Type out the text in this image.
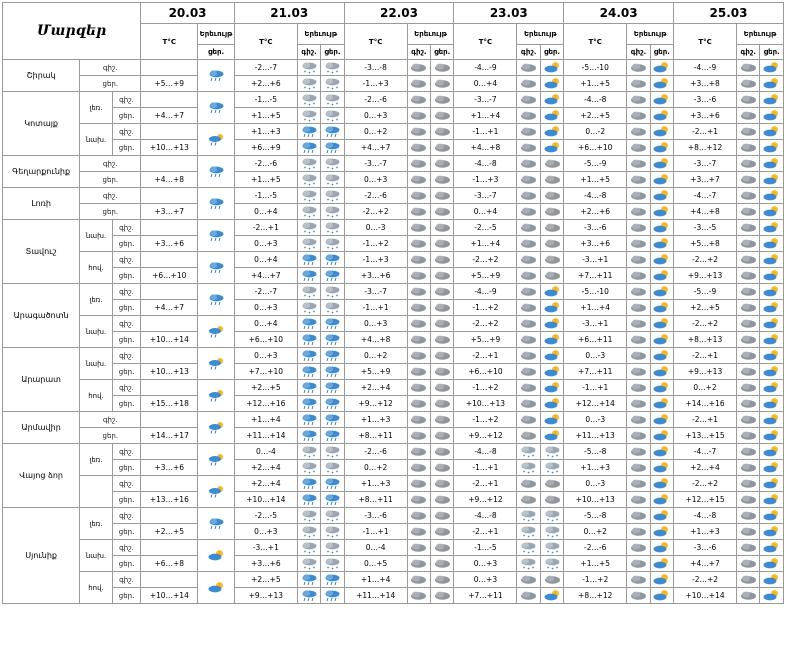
Մարզեր			20.03		21.03			22.03			23.03			24.03			25.03		
			T°C	Երեւույթ	T°C	Երեւույթ		T°C	Երեւույթ		T°C	Երեւույթ		T°C	Երեւույթ		T°C	Երեւույթ	
				ցեր.		գիշ.	ցեր.		գիշ.	ցեր.		գիշ.	ցեր.		գիշ.	ցեր.		գիշ.	ցեր.
Շիրակ	գիշ.				-2…-7			-3…-8			-4…-9			-5…-10			-4…-9	

	ցեր.		+5…+9		+2…+6			-1…+3			0…+4			+1…+5			+3…+8	

Կոտայք	լեռ.	գիշ.			-1…-5			-2…-6			-3…-7			-4…-8			-3…-6	

		ցեր.	+4…+7		+1…+5			0…+3			+1…+4			+2…+5			+3…+6	

	նախ.	գիշ.			+1…+3			0…+2			-1…+1			0…-2			-2…+1	

		ցեր.	+10…+13		+6…+9			+4…+7			+4…+8			+6…+10			+8…+12	

Գեղարքունիք	գիշ.				-2…-6			-3…-7			-4…-8			-5…-9			-3…-7	

	ցեր.		+4…+8		+1…+5			0…+3			-1…+3			+1…+5			+3…+7	

Լոռի	գիշ.				-1…-5			-2…-6			-3…-7			-4…-8			-4…-7	

	ցեր.		+3…+7		0…+4			-2…+2			0…+4			+2…+6			+4…+8	

Տավուշ	նախ.	գիշ.			-2…+1			0…-3			-2…-5			-3…-6			-3…-5	

		ցեր.	+3…+6		0…+3			-1…+2			+1…+4			+3…+6			+5…+8	

	հով.	գիշ.			0…+4			-1…+3			-2…+2			-3…+1			-2…+2	

		ցեր.	+6…+10		+4…+7			+3…+6			+5…+9			+7…+11			+9…+13	

Արագածոտն	լեռ.	գիշ.			-2…-7			-3…-7			-4…-9			-5…-10			-5…-9	

		ցեր.	+4…+7		0…+3			-1…+1			-1…+2			+1…+4			+2…+5	

	նախ.	գիշ.			0…+4			0…+3			-2…+2			-3…+1			-2…+2	

		ցեր.	+10…+14		+6…+10			+4…+8			+5…+9			+6…+11			+8…+13	

Արարատ	նախ.	գիշ.			0…+3			0…+2			-2…+1			0…-3			-2…+1	

		ցեր.	+10…+13		+7…+10			+5…+9			+6…+10			+7…+11			+9…+13	

	հով.	գիշ.			+2…+5			+2…+4			-1…+2			-1…+1			0…+2	

		ցեր.	+15…+18		+12…+16			+9…+12			+10…+13			+12…+14			+14…+16	

Արմավիր	գիշ.				+1…+4			+1…+3			-1…+2			0…-3			-2…+1	

	ցեր.		+14…+17		+11…+14			+8…+11			+9…+12			+11…+13			+13…+15	

Վայոց ձոր	լեռ.	գիշ.			0…-4			-2…-6			-4…-8			-5…-8			-4…-7	

		ցեր.	+3…+6		+2…+4			0…+2			-1…+1			+1…+3			+2…+4	

		գիշ.			+2…+4			+1…+3			-2…+1			0…-3			-2…+2	

		ցեր.	+13…+16		+10…+14			+8…+11			+9…+12			+10…+13			+12…+15	

Սյունիք	լեռ.	գիշ.			-2…-5			-3…-6			-4…-8			-5…-8			-4…-8	

		ցեր.	+2…+5		0…+3			-1…+1			-2…+1			0…+2			+1…+3	

	նախ.	գիշ.			-3…+1			0…-4			-1…-5			-2…-6			-3…-6	

		ցեր.	+6…+8		+3…+6			0…+5			0…+3			+1…+5			+4…+7	

	հով.	գիշ.			+2…+5			+1…+4			0…+3			-1…+2			-2…+2	

		ցեր.	+10…+14		+9…+13			+11…+14			+7…+11			+8…+12			+10…+14	
